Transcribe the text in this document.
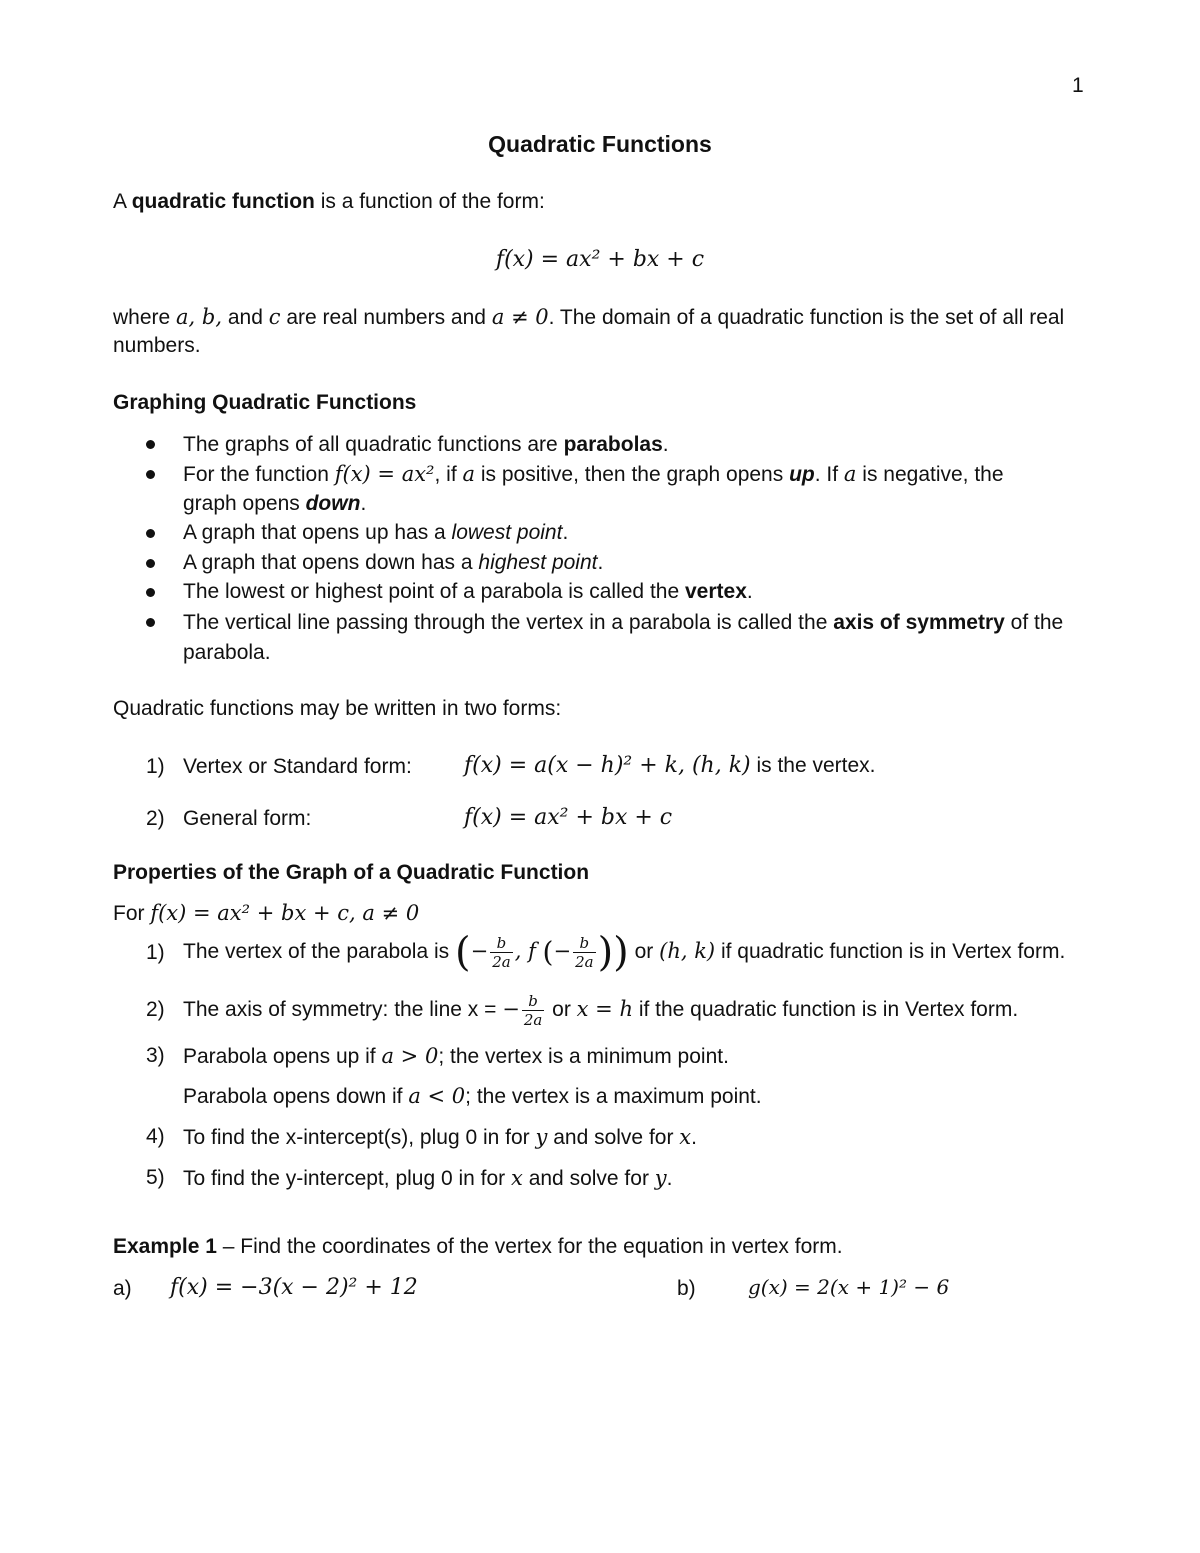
1
Quadratic Functions
A quadratic function is a function of the form:
f(x) = ax² + bx + c
where a, b, and c are real numbers and a ≠ 0. The domain of a quadratic function is the set of all real
numbers.
Graphing Quadratic Functions
The graphs of all quadratic functions are parabolas.
For the function f(x) = ax², if a is positive, then the graph opens up. If a is negative, the
graph opens down.
A graph that opens up has a lowest point.
A graph that opens down has a highest point.
The lowest or highest point of a parabola is called the vertex.
The vertical line passing through the vertex in a parabola is called the axis of symmetry of the
parabola.
Quadratic functions may be written in two forms:
1) Vertex or Standard form: f(x) = a(x − h)² + k, (h, k) is the vertex.
2) General form:	f(x) = ax² + bx + c
Properties of the Graph of a Quadratic Function
For f(x) = ax² + bx + c, a ≠ 0
1) The vertex of the parabola is (− $\frac{b}{2a}$ , f (− $\frac{b}{2a}$ )) or (h, k) if quadratic function is in Vertex form.
2) The axis of symmetry: the line x = − $\frac{b}{2a}$ or x = h if the quadratic function is in Vertex form.
3) Parabola opens up if a > 0; the vertex is a minimum point.
Parabola opens down if a < 0; the vertex is a maximum point.
4) To find the x-intercept(s), plug 0 in for y and solve for x.
5) To find the y-intercept, plug 0 in for x and solve for y.
Example 1 – Find the coordinates of the vertex for the equation in vertex form.
a) f(x) = −3(x − 2)² + 12	b)	g(x) = 2(x + 1)² − 6
